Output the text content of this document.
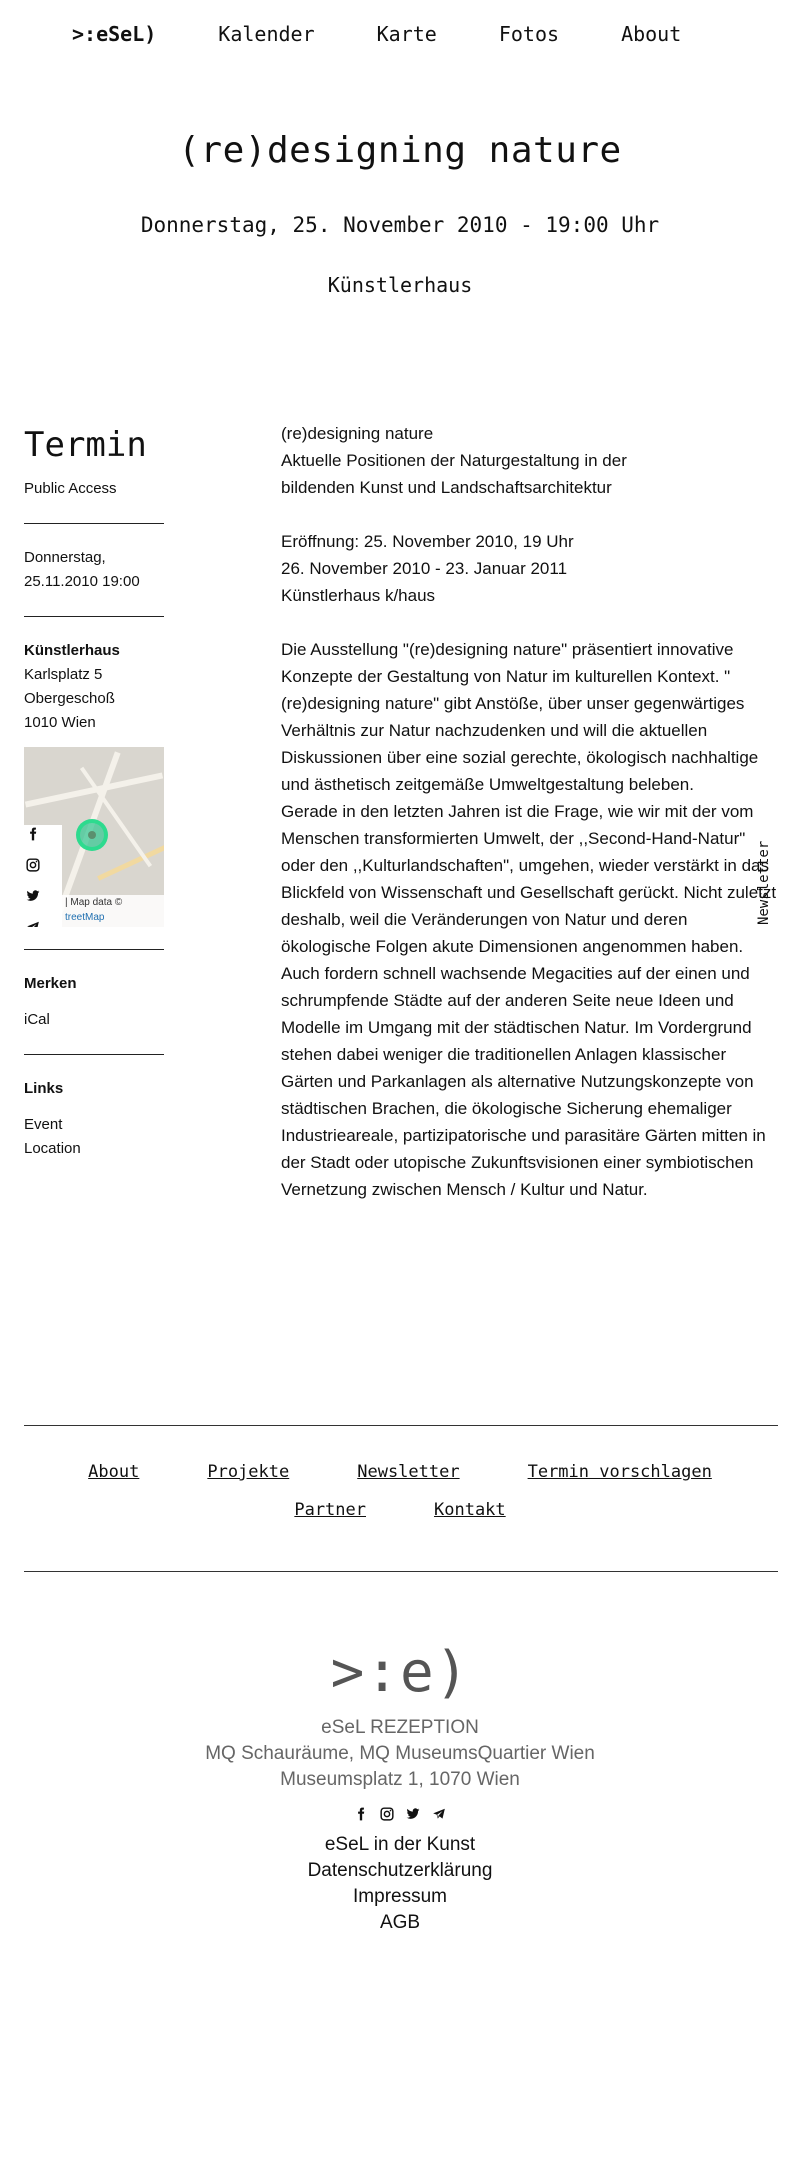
>:eSeL)	Kalender	Karte	Fotos	About
(re)designing nature
Donnerstag, 25. November 2010 - 19:00 Uhr
Künstlerhaus
Termin
Public Access
Donnerstag,
25.11.2010 19:00
Künstlerhaus
Karlsplatz 5
Obergeschoß
1010 Wien
| Map data ©
treetMap
Merken
iCal
Links
Event
Location
(re)designing nature
Aktuelle Positionen der Naturgestaltung in der
bildenden Kunst und Landschaftsarchitektur
Eröffnung: 25. November 2010, 19 Uhr
26. November 2010 - 23. Januar 2011
Künstlerhaus k/haus

Die Ausstellung "(re)designing nature" präsentiert innovative Konzepte der Gestaltung von Natur im kulturellen Kontext. "(re)designing nature" gibt Anstöße, über unser gegenwärtiges Verhältnis zur Natur nachzudenken und will die aktuellen Diskussionen über eine sozial gerechte, ökologisch nachhaltige und ästhetisch zeitgemäße Umweltgestaltung beleben.

Gerade in den letzten Jahren ist die Frage, wie wir mit der vom Menschen transformierten Umwelt, der ,,Second-Hand-Natur" oder den ,,Kulturlandschaften", umgehen, wieder verstärkt in das Blickfeld von Wissenschaft und Gesellschaft gerückt. Nicht zuletzt deshalb, weil die Veränderungen von Natur und deren ökologische Folgen akute Dimensionen angenommen haben. Auch fordern schnell wachsende Megacities auf der einen und schrumpfende Städte auf der anderen Seite neue Ideen und Modelle im Umgang mit der städtischen Natur. Im Vordergrund stehen dabei weniger die traditionellen Anlagen klassischer Gärten und Parkanlagen als alternative Nutzungskonzepte von städtischen Brachen, die ökologische Sicherung ehemaliger Industrieareale, partizipatorische und parasitäre Gärten mitten in der Stadt oder utopische Zukunftsvisionen einer symbiotischen Vernetzung zwischen Mensch / Kultur und Natur.

Newsletter
About	Projekte	Newsletter	Termin vorschlagen
Partner	Kontakt
>:e)
eSeL REZEPTION
MQ Schauräume, MQ MuseumsQuartier Wien
Museumsplatz 1, 1070 Wien
eSeL in der Kunst
Datenschutzerklärung
Impressum
AGB
